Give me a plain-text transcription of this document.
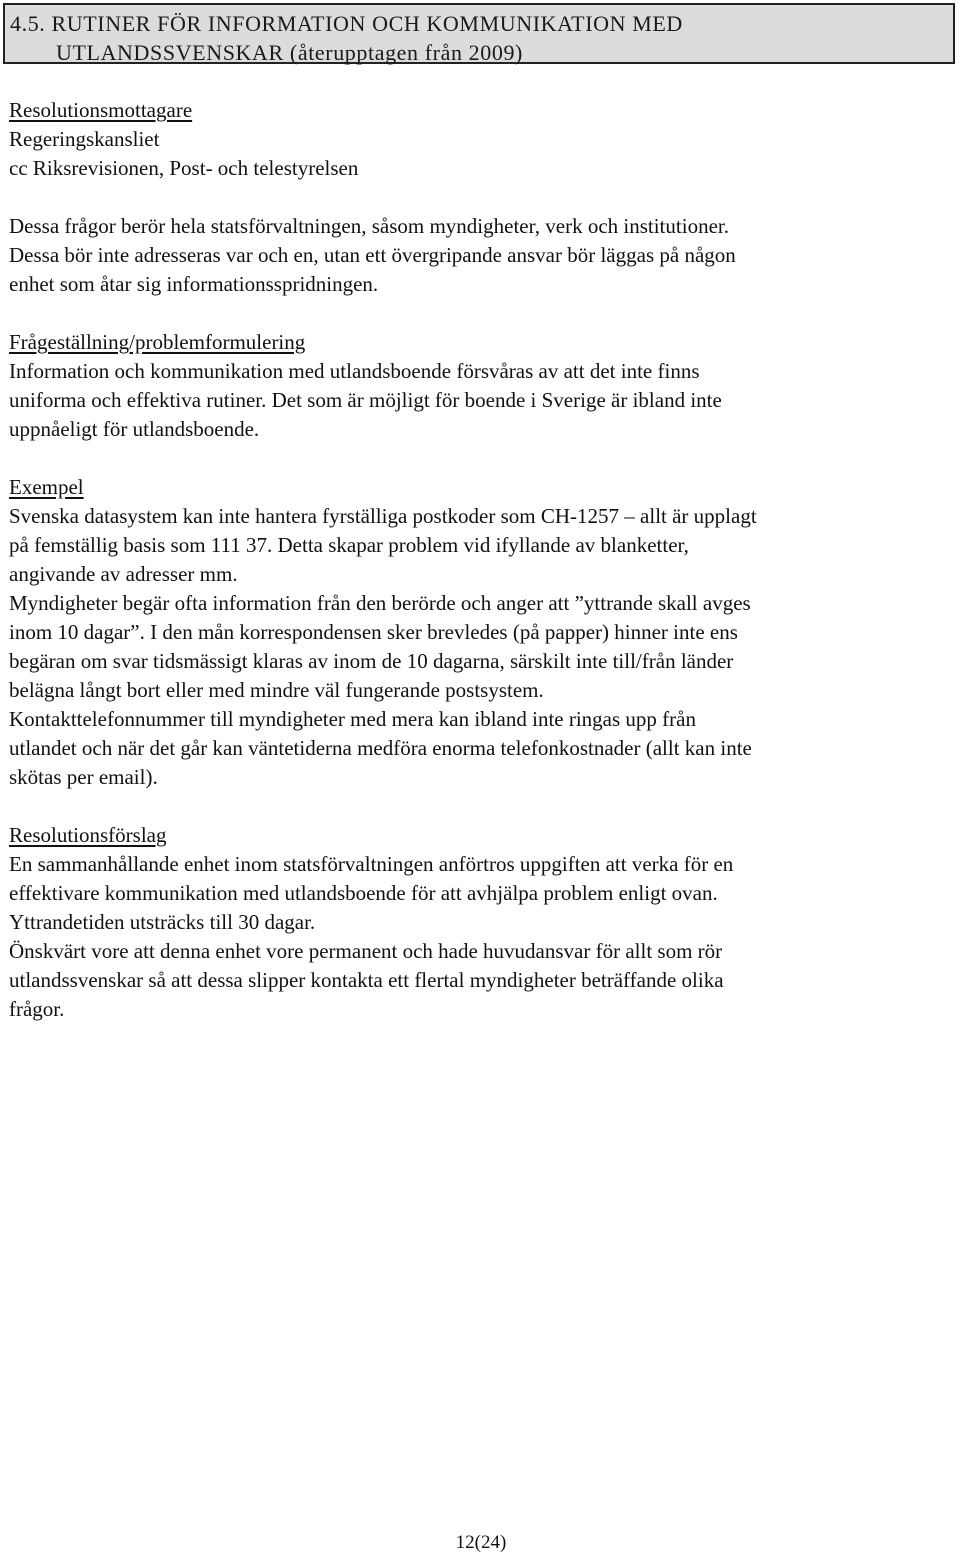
4.5. RUTINER FÖR INFORMATION OCH KOMMUNIKATION MED
UTLANDSSVENSKAR (återupptagen från 2009)
Resolutionsmottagare
Regeringskansliet
cc Riksrevisionen, Post- och telestyrelsen
Dessa frågor berör hela statsförvaltningen, såsom myndigheter, verk och institutioner.
Dessa bör inte adresseras var och en, utan ett övergripande ansvar bör läggas på någon
enhet som åtar sig informationsspridningen.
Frågeställning/problemformulering
Information och kommunikation med utlandsboende försvåras av att det inte finns
uniforma och effektiva rutiner. Det som är möjligt för boende i Sverige är ibland inte
uppnåeligt för utlandsboende.
Exempel
Svenska datasystem kan inte hantera fyrställiga postkoder som CH-1257 – allt är upplagt
på femställig basis som 111 37. Detta skapar problem vid ifyllande av blanketter,
angivande av adresser mm.
Myndigheter begär ofta information från den berörde och anger att ”yttrande skall avges
inom 10 dagar”. I den mån korrespondensen sker brevledes (på papper) hinner inte ens
begäran om svar tidsmässigt klaras av inom de 10 dagarna, särskilt inte till/från länder
belägna långt bort eller med mindre väl fungerande postsystem.
Kontakttelefonnummer till myndigheter med mera kan ibland inte ringas upp från
utlandet och när det går kan väntetiderna medföra enorma telefonkostnader (allt kan inte
skötas per email).
Resolutionsförslag
En sammanhållande enhet inom statsförvaltningen anförtros uppgiften att verka för en
effektivare kommunikation med utlandsboende för att avhjälpa problem enligt ovan.
Yttrandetiden utsträcks till 30 dagar.
Önskvärt vore att denna enhet vore permanent och hade huvudansvar för allt som rör
utlandssvenskar så att dessa slipper kontakta ett flertal myndigheter beträffande olika
frågor.
12(24)
